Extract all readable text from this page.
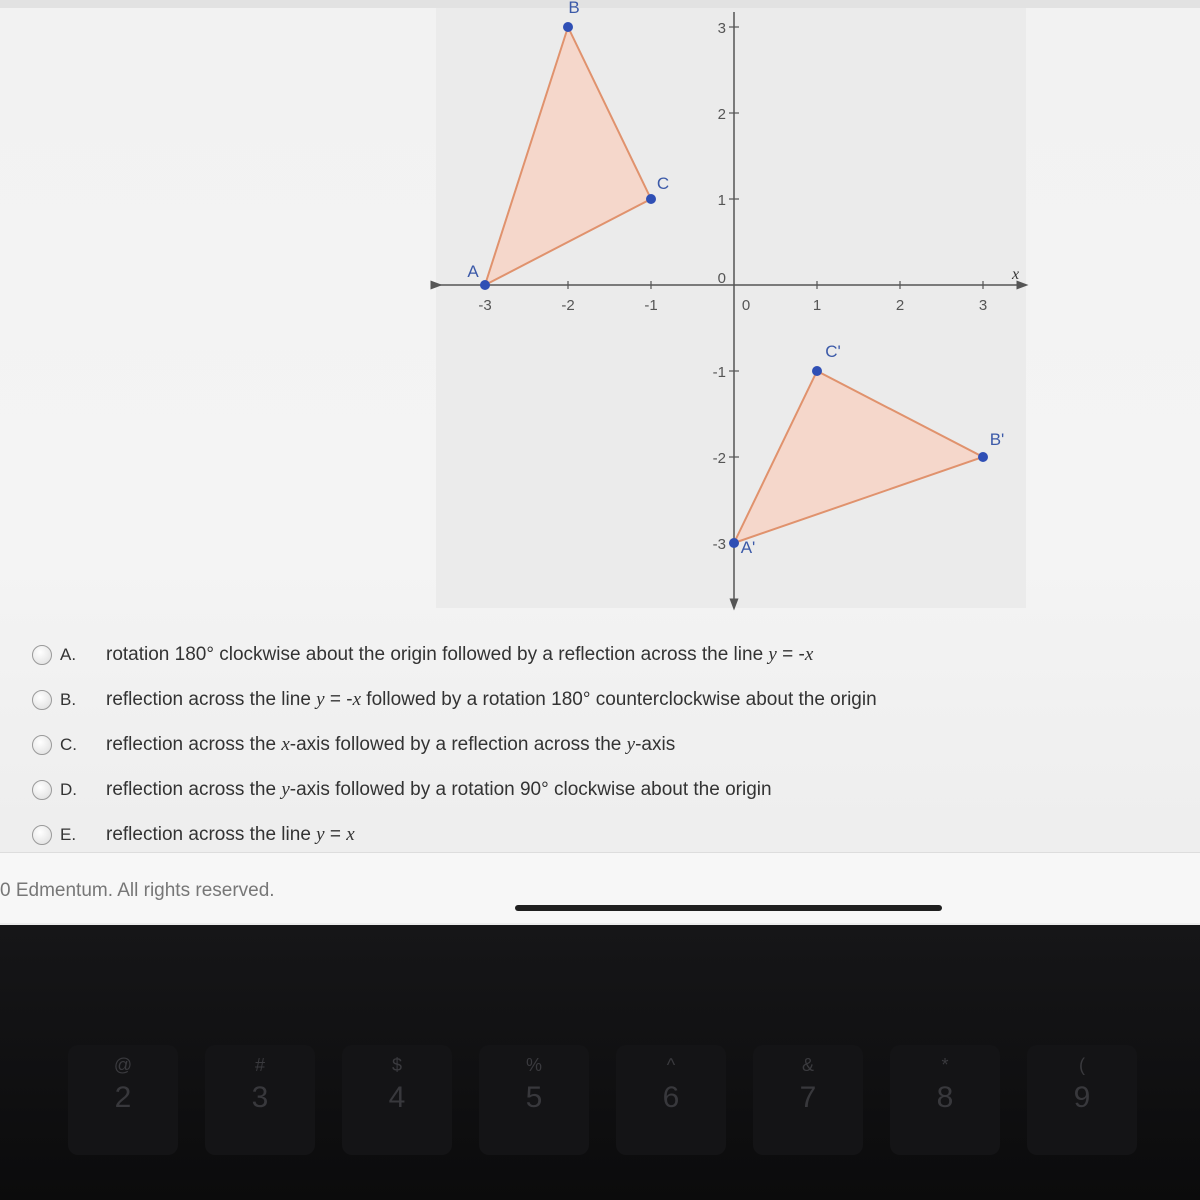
-3	-2	-1	0	1	2	3
3
2
1
0
-1
-2
-3
A
B
C
A'
B'
C'
x
A. rotation 180° clockwise about the origin followed by a reflection across the line y = -x
B. reflection across the line y = -x followed by a rotation 180° counterclockwise about the origin
C. reflection across the x-axis followed by a reflection across the y-axis
D. reflection across the y-axis followed by a rotation 90° clockwise about the origin
E. reflection across the line y = x
0 Edmentum. All rights reserved.
@
2
#
3
$
4
%
5
^
6
&
7
*
8
(
9
